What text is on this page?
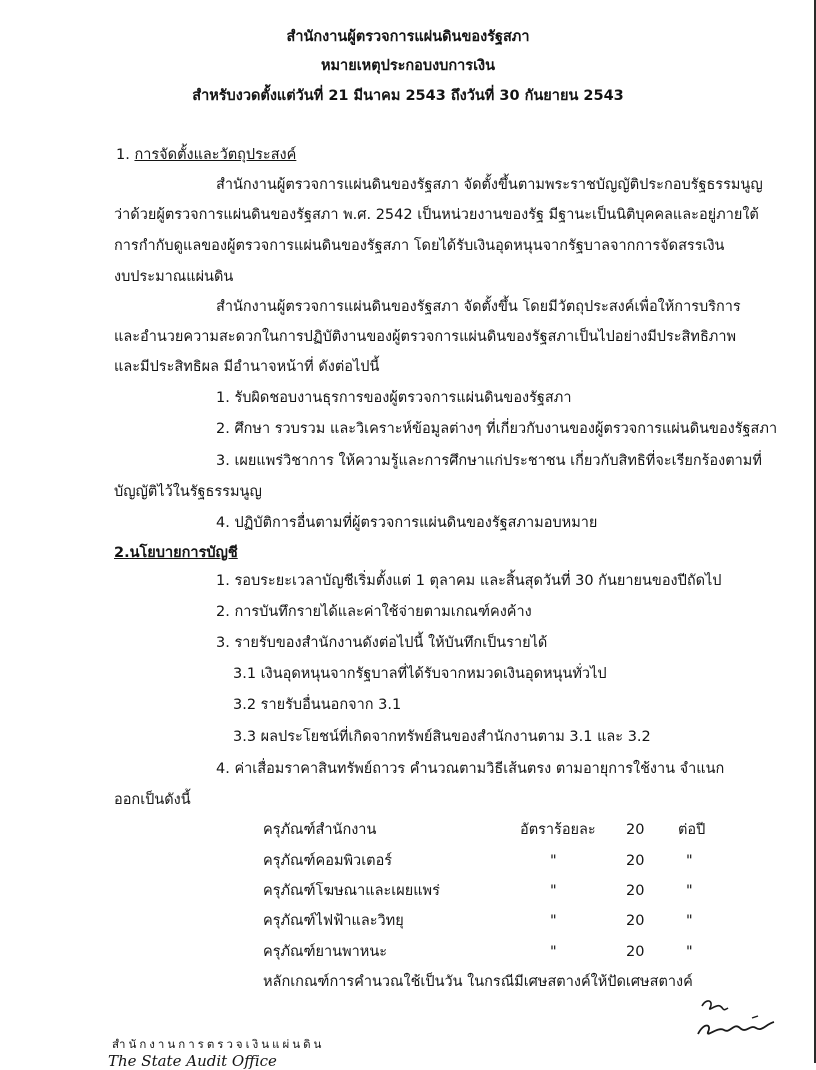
สำนักงานผู้ตรวจการแผ่นดินของรัฐสภา
หมายเหตุประกอบงบการเงิน
สำหรับงวดตั้งแต่วันที่ 21 มีนาคม 2543 ถึงวันที่ 30 กันยายน 2543
1. การจัดตั้งและวัตถุประสงค์
สำนักงานผู้ตรวจการแผ่นดินของรัฐสภา จัดตั้งขึ้นตามพระราชบัญญัติประกอบรัฐธรรมนูญ
ว่าด้วยผู้ตรวจการแผ่นดินของรัฐสภา พ.ศ. 2542 เป็นหน่วยงานของรัฐ มีฐานะเป็นนิติบุคคลและอยู่ภายใต้
การกำกับดูแลของผู้ตรวจการแผ่นดินของรัฐสภา โดยได้รับเงินอุดหนุนจากรัฐบาลจากการจัดสรรเงิน
งบประมาณแผ่นดิน
สำนักงานผู้ตรวจการแผ่นดินของรัฐสภา จัดตั้งขึ้น โดยมีวัตถุประสงค์เพื่อให้การบริการ
และอำนวยความสะดวกในการปฏิบัติงานของผู้ตรวจการแผ่นดินของรัฐสภาเป็นไปอย่างมีประสิทธิภาพ
และมีประสิทธิผล มีอำนาจหน้าที่ ดังต่อไปนี้
1. รับผิดชอบงานธุรการของผู้ตรวจการแผ่นดินของรัฐสภา
2. ศึกษา รวบรวม และวิเคราะห์ข้อมูลต่างๆ ที่เกี่ยวกับงานของผู้ตรวจการแผ่นดินของรัฐสภา
3. เผยแพร่วิชาการ ให้ความรู้และการศึกษาแก่ประชาชน เกี่ยวกับสิทธิที่จะเรียกร้องตามที่
บัญญัติไว้ในรัฐธรรมนูญ
4. ปฏิบัติการอื่นตามที่ผู้ตรวจการแผ่นดินของรัฐสภามอบหมาย
2.นโยบายการบัญชี
1. รอบระยะเวลาบัญชีเริ่มตั้งแต่ 1 ตุลาคม และสิ้นสุดวันที่ 30 กันยายนของปีถัดไป
2. การบันทึกรายได้และค่าใช้จ่ายตามเกณฑ์คงค้าง
3. รายรับของสำนักงานดังต่อไปนี้ ให้บันทึกเป็นรายได้
3.1 เงินอุดหนุนจากรัฐบาลที่ได้รับจากหมวดเงินอุดหนุนทั่วไป
3.2 รายรับอื่นนอกจาก 3.1
3.3 ผลประโยชน์ที่เกิดจากทรัพย์สินของสำนักงานตาม 3.1 และ 3.2
4. ค่าเสื่อมราคาสินทรัพย์ถาวร คำนวณตามวิธีเส้นตรง ตามอายุการใช้งาน จำแนก
ออกเป็นดังนี้
ครุภัณฑ์สำนักงาน	อัตราร้อยละ 20 ต่อปี
ครุภัณฑ์คอมพิวเตอร์	"	20	"
ครุภัณฑ์โฆษณาและเผยแพร่	"	20	"
ครุภัณฑ์ไฟฟ้าและวิทยุ	"	20	"
ครุภัณฑ์ยานพาหนะ	"	20	"
หลักเกณฑ์การคำนวณใช้เป็นวัน ในกรณีมีเศษสตางค์ให้ปัดเศษสตางค์
สำนักงานการตรวจเงินแผ่นดิน
The State Audit Office
